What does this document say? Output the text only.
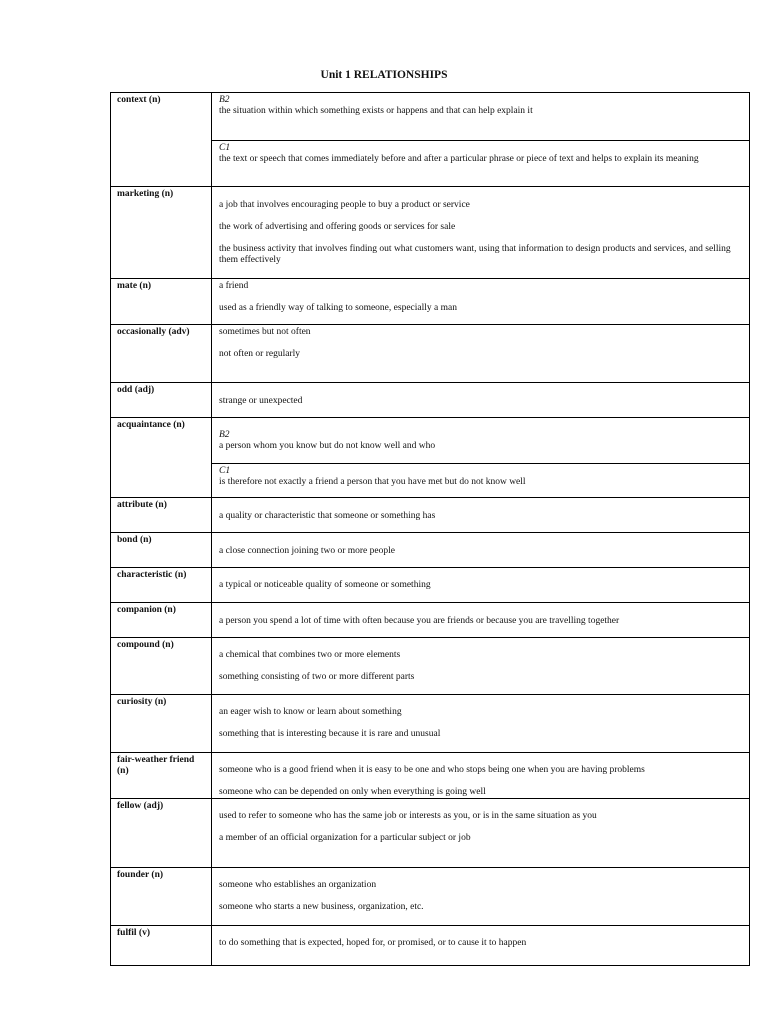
Unit 1 RELATIONSHIPS
context (n)	B2
the situation within which something exists or happens and that can help explain it
C1
the text or speech that comes immediately before and after a particular phrase or piece of text and helps to explain its meaning

marketing (n)	a job that involves encouraging people to buy a product or service
the work of advertising and offering goods or services for sale
the business activity that involves finding out what customers want, using that information to design products and services, and selling them effectively

mate (n)	a friend
used as a friendly way of talking to someone, especially a man

occasionally (adv)	sometimes but not often
not often or regularly

odd (adj)	strange or unexpected

acquaintance (n)	B2
a person whom you know but do not know well and who
C1
is therefore not exactly a friend a person that you have met but do not know well

attribute (n)	a quality or characteristic that someone or something has

bond (n)	a close connection joining two or more people

characteristic (n)	a typical or noticeable quality of someone or something

companion (n)	a person you spend a lot of time with often because you are friends or because you are travelling together

compound (n)	a chemical that combines two or more elements
something consisting of two or more different parts

curiosity (n)	an eager wish to know or learn about something
something that is interesting because it is rare and unusual

fair-weather friend (n)	someone who is a good friend when it is easy to be one and who stops being one when you are having problems
someone who can be depended on only when everything is going well

fellow (adj)	used to refer to someone who has the same job or interests as you, or is in the same situation as you
a member of an official organization for a particular subject or job

founder (n)	someone who establishes an organization
someone who starts a new business, organization, etc.

fulfil (v)	to do something that is expected, hoped for, or promised, or to cause it to happen
